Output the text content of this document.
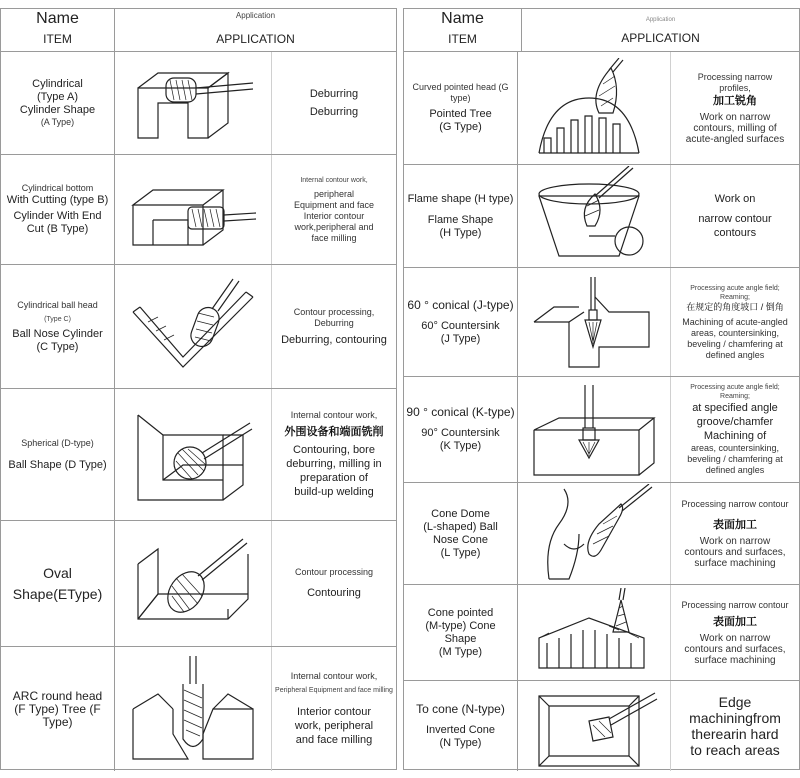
Name
ITEM
Application
APPLICATION
Cylindrical
(Type A)
Cylinder Shape
(A Type)
Deburring
Deburring
Cylindrical bottom
With Cutting (type B)
Cylinder With End
Cut (B Type)
Internal contour work,
peripheral
Equipment and face
Interior contour
work,peripheral and
face milling
Cylindrical ball head
(Type C)
Ball Nose Cylinder
(C Type)
Contour processing,
Deburring
Deburring, contouring
Spherical (D-type)
Ball Shape (D Type)
Internal contour work,
外围设备和端面铣削
Contouring, bore
deburring, milling in
preparation of
build-up welding
Oval
Shape(EType)
Contour processing
Contouring
ARC round head
(F Type) Tree (F
Type)
Internal contour work,
Peripheral Equipment and face milling
Interior contour
work, peripheral
and face milling
Name
ITEM
Application
APPLICATION
Curved pointed head (G
type)
Pointed Tree
(G Type)
Processing narrow
profiles,
加工锐角
Work on narrow
contours, milling of
acute-angled surfaces
Flame shape (H type)
Flame Shape
(H Type)
Work on
narrow contour
contours
60 ° conical (J-type)
60° Countersink
(J Type)
Processing acute angle field;
Reaming;
在规定的角度坡口 / 倒角
Machining of acute-angled
areas, countersinking,
beveling / chamfering at
defined angles
90 ° conical (K-type)
90° Countersink
(K Type)
Processing acute angle field;
Reaming;
at specified angle
groove/chamfer
Machining of
areas, countersinking,
beveling / chamfering at
defined angles
Cone Dome
(L-shaped) Ball
Nose Cone
(L Type)
Processing narrow contour
表面加工
Work on narrow
contours and surfaces,
surface machining
Cone pointed
(M-type) Cone
Shape
(M Type)
Processing narrow contour
表面加工
Work on narrow
contours and surfaces,
surface machining
To cone (N-type)
Inverted Cone
(N Type)
Edge
machiningfrom
therearin hard
to reach areas
